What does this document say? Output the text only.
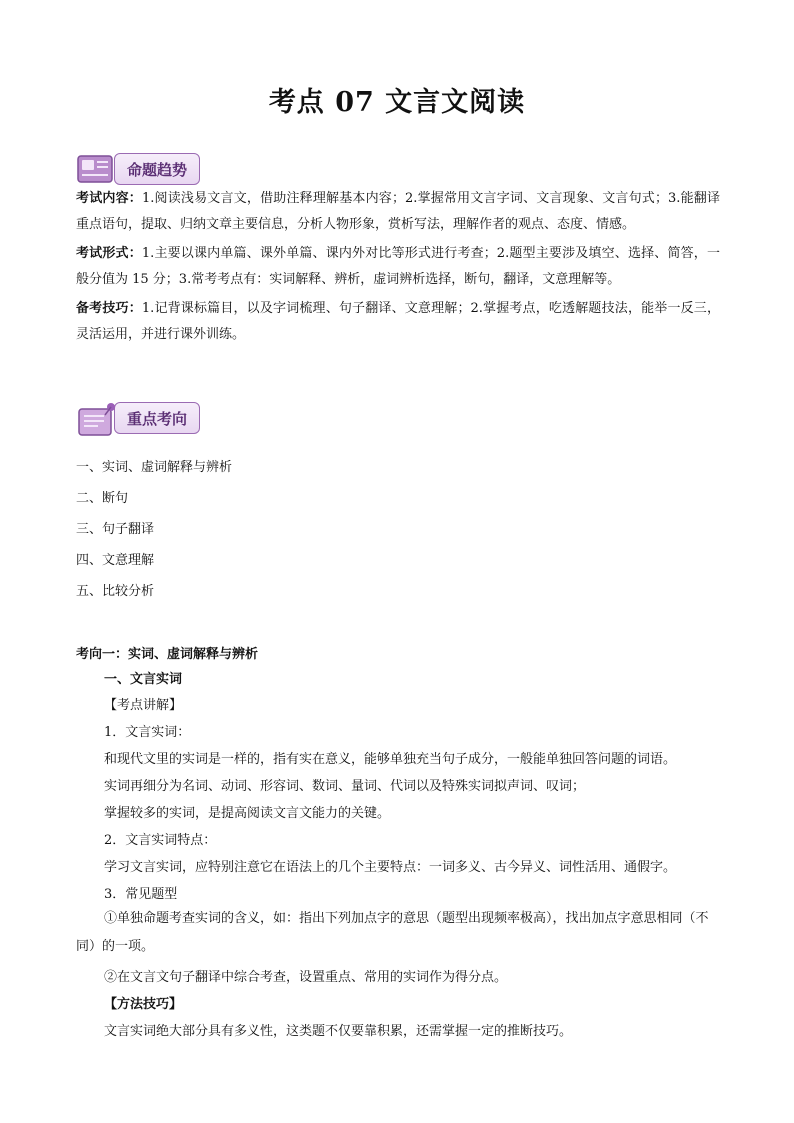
考点 07 文言文阅读
命题趋势
考试内容：1.阅读浅易文言文，借助注释理解基本内容；2.掌握常用文言字词、文言现象、文言句式；3.能翻译重点语句，提取、归纳文章主要信息，分析人物形象，赏析写法，理解作者的观点、态度、情感。
考试形式：1.主要以课内单篇、课外单篇、课内外对比等形式进行考查；2.题型主要涉及填空、选择、简答，一般分值为 15 分；3.常考考点有：实词解释、辨析，虚词辨析选择，断句，翻译，文意理解等。
备考技巧：1.记背课标篇目，以及字词梳理、句子翻译、文意理解；2.掌握考点，吃透解题技法，能举一反三，灵活运用，并进行课外训练。
重点考向
一、实词、虚词解释与辨析
二、断句
三、句子翻译
四、文意理解
五、比较分析
考向一：实词、虚词解释与辨析
一、文言实词
【考点讲解】
1．文言实词：
和现代文里的实词是一样的，指有实在意义，能够单独充当句子成分，一般能单独回答问题的词语。
实词再细分为名词、动词、形容词、数词、量词、代词以及特殊实词拟声词、叹词；
掌握较多的实词，是提高阅读文言文能力的关键。
2．文言实词特点：
学习文言实词，应特别注意它在语法上的几个主要特点：一词多义、古今异义、词性活用、通假字。
3．常见题型
①单独命题考查实词的含义，如：指出下列加点字的意思（题型出现频率极高），找出加点字意思相同（不同）的一项。
②在文言文句子翻译中综合考查，设置重点、常用的实词作为得分点。
【方法技巧】
文言实词绝大部分具有多义性，这类题不仅要靠积累，还需掌握一定的推断技巧。
